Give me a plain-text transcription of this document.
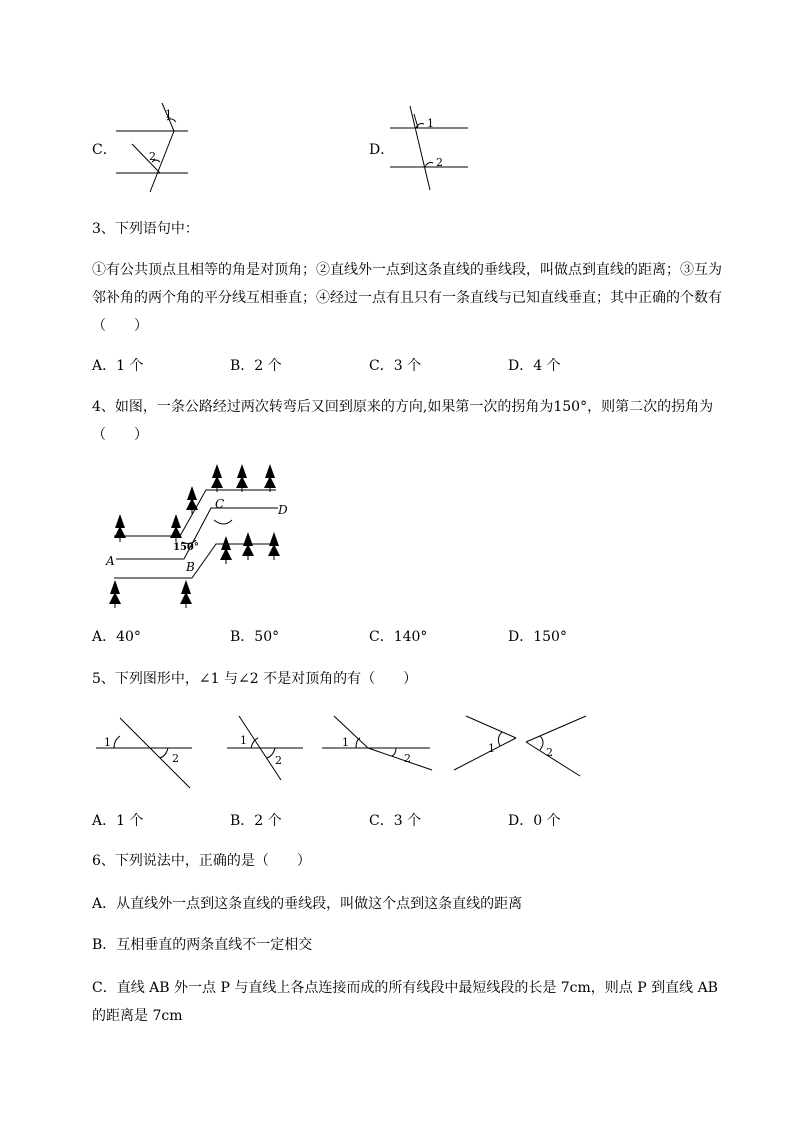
C．
1
2	D．
1
2
3、下列语句中：
①有公共顶点且相等的角是对顶角；②直线外一点到这条直线的垂线段，叫做点到直线的距离；③互为邻补角的两个角的平分线互相垂直；④经过一点有且只有一条直线与已知直线垂直；其中正确的个数有（　　）
A．1 个	B．2 个	C．3 个	D．4 个
4、如图，一条公路经过两次转弯后又回到原来的方向,如果第一次的拐角为150°，则第二次的拐角为（　　）
A	B
C	D
150°
A．40°	B．50°	C．140°	D．150°
5、下列图形中，∠1 与∠2 不是对顶角的有（　　）
1
2
1
2
1
2
1	2
A．1 个	B．2 个	C．3 个	D．0 个
6、下列说法中，正确的是（　　）
A．从直线外一点到这条直线的垂线段，叫做这个点到这条直线的距离
B．互相垂直的两条直线不一定相交
C．直线 AB 外一点 P 与直线上各点连接而成的所有线段中最短线段的长是 7cm，则点 P 到直线 AB 的距离是 7cm
